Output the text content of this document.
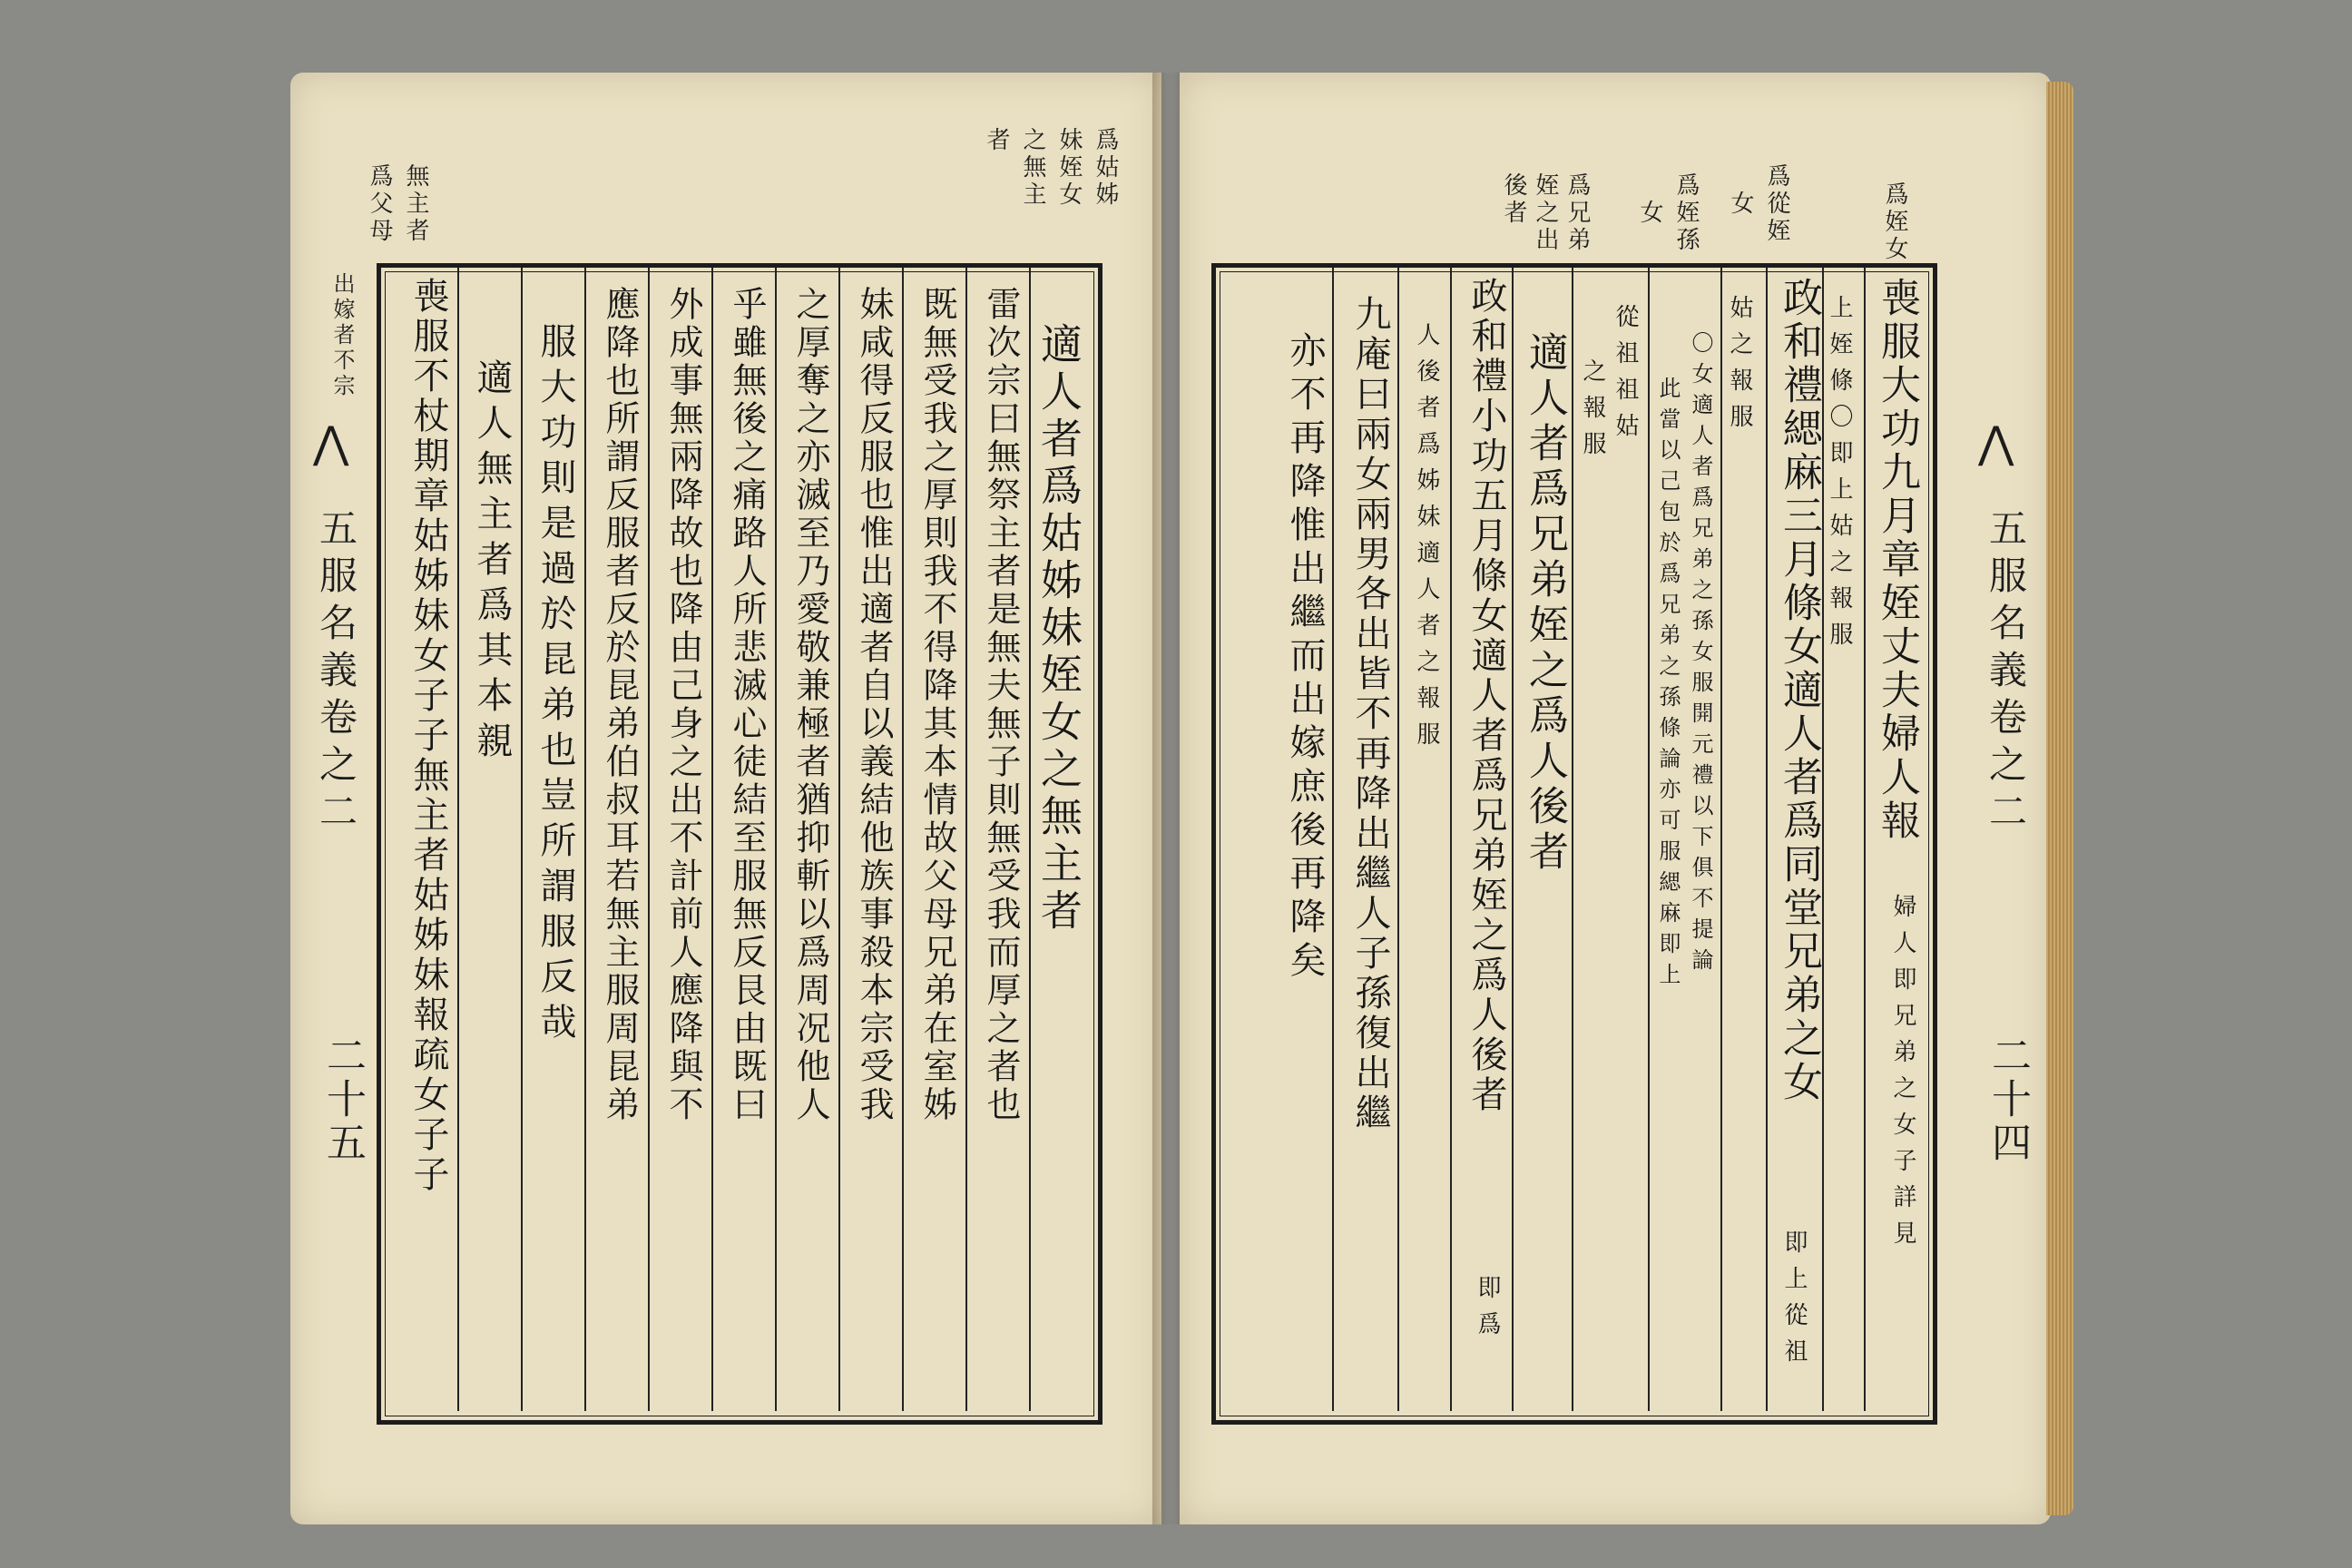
無主者
爲父母	爲姑姊
妹姪女
之無主
者
出嫁者不宗
⋀
五服名義卷之二
二十五
適人者爲姑姊妹姪女之無主者
雷次宗曰無祭主者是無夫無子則無受我而厚之者也
既無受我之厚則我不得降其本情故父母兄弟在室姊
妹咸得反服也惟出適者自以義結他族事殺本宗受我
之厚奪之亦滅至乃愛敬兼極者猶抑斬以爲周况他人
乎雖無後之痛路人所悲滅心徒結至服無反艮由既曰
外成事無兩降故也降由己身之出不計前人應降與不
應降也所謂反服者反於昆弟伯叔耳若無主服周昆弟
服大功則是過於昆弟也豈所謂服反哉
適人無主者爲其本親
喪服不杖期章姑姊妹女子子無主者姑姊妹報疏女子子
爲姪女
爲從姪
女
爲姪孫
女
爲兄弟
姪之出
後者
⋀
五服名義卷之二
二十四
喪服大功九月章姪丈夫婦人報
婦人即兄弟之女子詳見
上姪條〇即上姑之報服
政和禮緦麻三月條女適人者爲同堂兄弟之女
即上從祖
姑之報服
〇女適人者爲兄弟之孫女服開元禮以下俱不提論
此當以己包於爲兄弟之孫條論亦可服緦麻即上
從祖祖姑
之報服
適人者爲兄弟姪之爲人後者
政和禮小功五月條女適人者爲兄弟姪之爲人後者
即爲
人後者爲姊妹適人者之報服
九庵曰兩女兩男各出皆不再降出繼人子孫復出繼
亦不再降惟出繼而出嫁庶後再降矣
